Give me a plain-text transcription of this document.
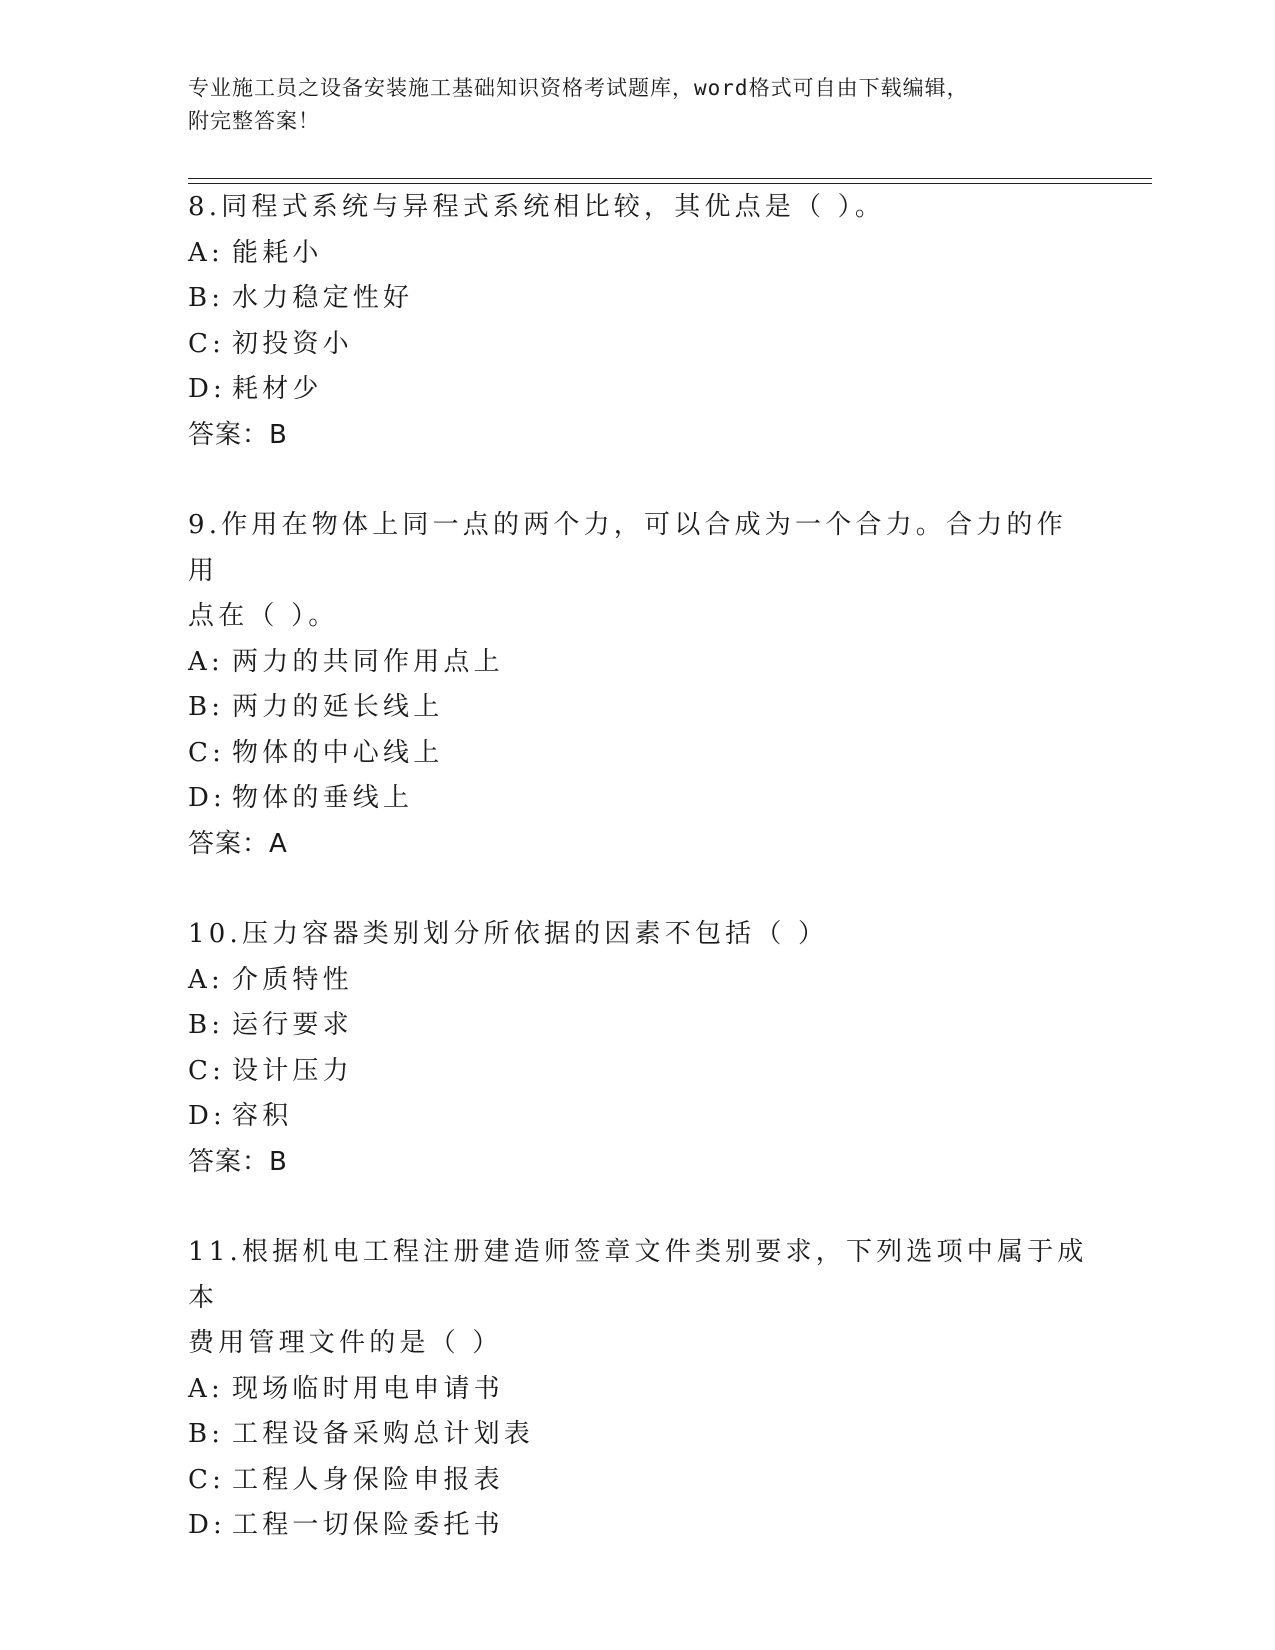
专业施工员之设备安装施工基础知识资格考试题库，word格式可自由下载编辑，
附完整答案！
8.同程式系统与异程式系统相比较，其优点是（ ）。
A: 能耗小
B: 水力稳定性好
C: 初投资小
D: 耗材少
答案：B
9.作用在物体上同一点的两个力，可以合成为一个合力。合力的作用
点在（ ）。
A: 两力的共同作用点上
B: 两力的延长线上
C: 物体的中心线上
D: 物体的垂线上
答案：A
10.压力容器类别划分所依据的因素不包括（ ）
A: 介质特性
B: 运行要求
C: 设计压力
D: 容积
答案：B
11.根据机电工程注册建造师签章文件类别要求，下列选项中属于成本
费用管理文件的是（ ）
A: 现场临时用电申请书
B: 工程设备采购总计划表
C: 工程人身保险申报表
D: 工程一切保险委托书
